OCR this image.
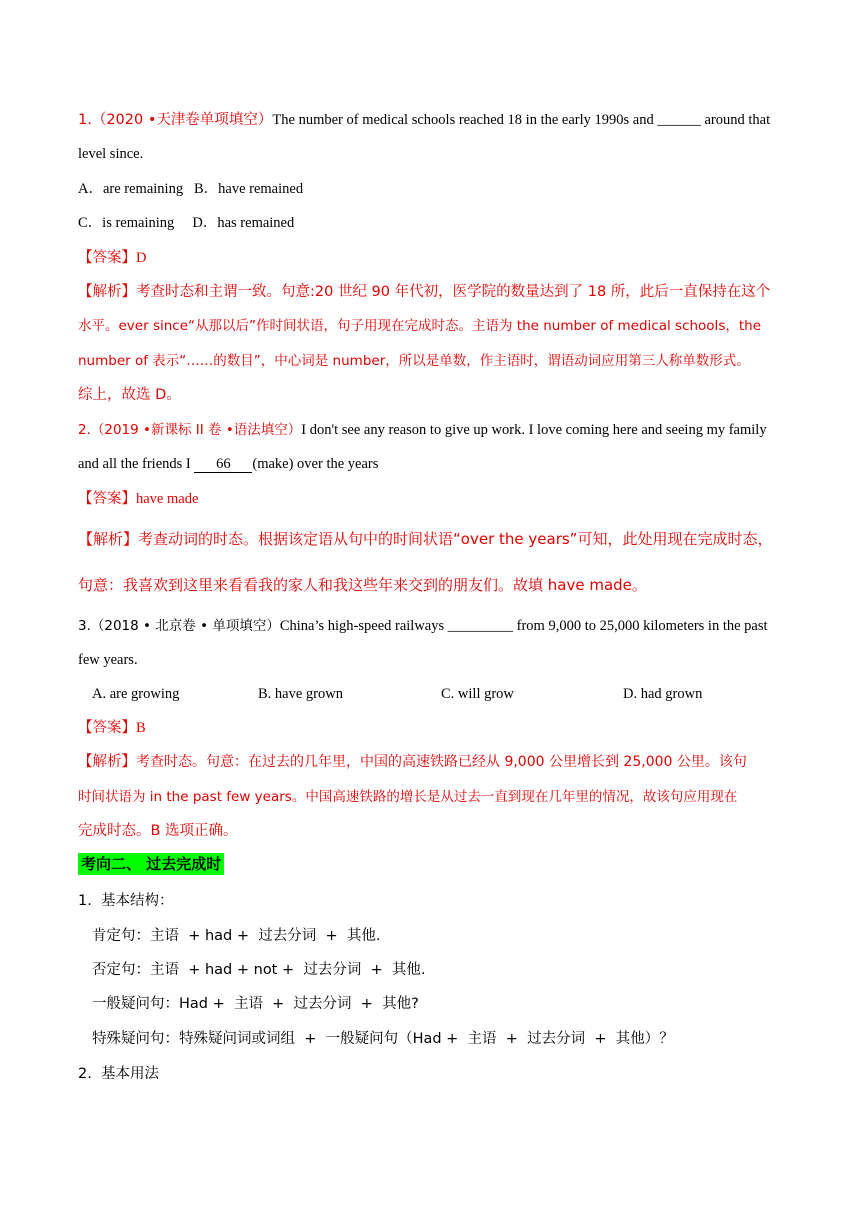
1.（2020 •天津卷单项填空）The number of medical schools reached 18 in the early 1990s and ______ around that
level since.
A．are remaining   B．have remained
C．is remaining     D．has remained
【答案】D
【解析】考查时态和主谓一致。句意:20 世纪 90 年代初，医学院的数量达到了 18 所，此后一直保持在这个
水平。ever since“从那以后”作时间状语，句子用现在完成时态。主语为 the number of medical schools，the
number of 表示“……的数目”，中心词是 number，所以是单数，作主语时，谓语动词应用第三人称单数形式。
综上，故选 D。
2.（2019 •新课标 II 卷 •语法填空）I don't see any reason to give up work. I love coming here and seeing my family
and all the friends I 66 (make) over the years
【答案】have made
【解析】考查动词的时态。根据该定语从句中的时间状语“over the years”可知，此处用现在完成时态，
句意：我喜欢到这里来看看我的家人和我这些年来交到的朋友们。故填 have made。
3.（2018 • 北京卷 • 单项填空）China’s high-speed railways _________ from 9,000 to 25,000 kilometers in the past
few years.
A. are growing	B. have grown	C. will grow	D. had grown
【答案】B
【解析】考查时态。句意：在过去的几年里，中国的高速铁路已经从 9,000 公里增长到 25,000 公里。该句
时间状语为 in the past few years。中国高速铁路的增长是从过去一直到现在几年里的情况，故该句应用现在
完成时态。B 选项正确。
考向二、 过去完成时
1.  基本结构：
肯定句：主语  + had +  过去分词  +  其他.
否定句：主语  + had + not +  过去分词  +  其他.
一般疑问句：Had +  主语  +  过去分词  +  其他?
特殊疑问句：特殊疑问词或词组  +  一般疑问句（Had +  主语  +  过去分词  +  其他）？
2.  基本用法
